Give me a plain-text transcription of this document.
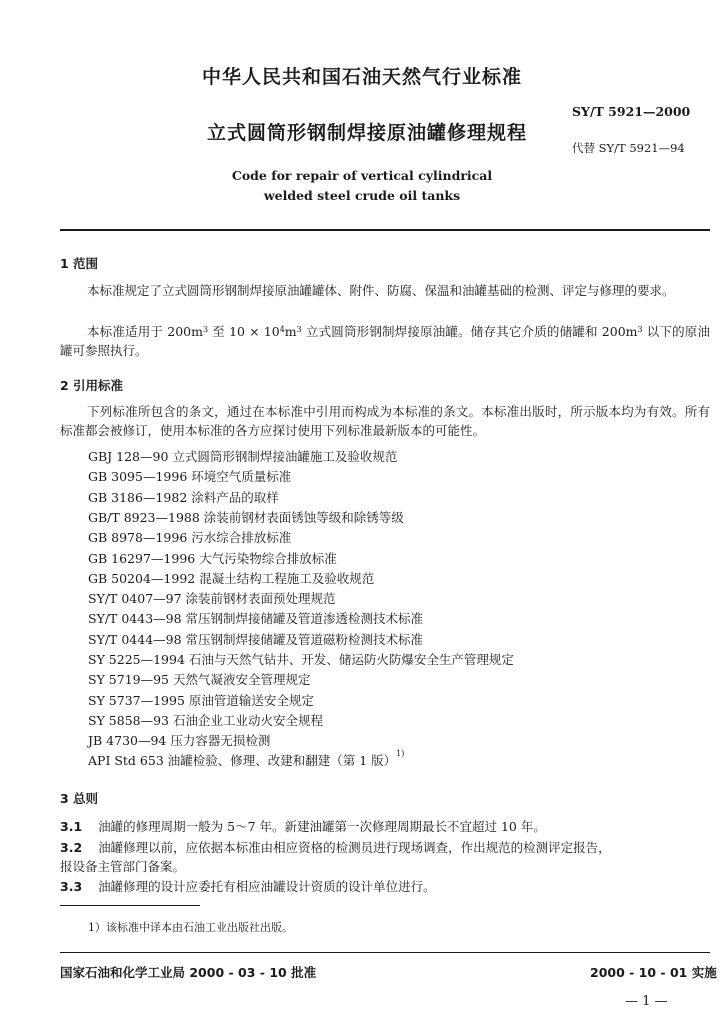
中华人民共和国石油天然气行业标准
SY/T 5921—2000
立式圆筒形钢制焊接原油罐修理规程
代替 SY/T 5921—94
Code for repair of vertical cylindrical
welded steel crude oil tanks
1 范围
本标准规定了立式圆筒形钢制焊接原油罐罐体、附件、防腐、保温和油罐基础的检测、评定与修理的要求。
本标准适用于 $200m^3$ 至 $10 \times 10^4m^3$ 立式圆筒形钢制焊接原油罐。储存其它介质的储罐和 $200m^3$ 以下的原油罐可参照执行。
2 引用标准
下列标准所包含的条文，通过在本标准中引用而构成为本标准的条文。本标准出版时，所示版本均为有效。所有标准都会被修订，使用本标准的各方应探讨使用下列标准最新版本的可能性。
GBJ 128—90 立式圆筒形钢制焊接油罐施工及验收规范
GB 3095—1996 环境空气质量标准
GB 3186—1982 涂料产品的取样
GB/T 8923—1988 涂装前钢材表面锈蚀等级和除锈等级
GB 8978—1996 污水综合排放标准
GB 16297—1996 大气污染物综合排放标准
GB 50204—1992 混凝土结构工程施工及验收规范
SY/T 0407—97 涂装前钢材表面预处理规范
SY/T 0443—98 常压钢制焊接储罐及管道渗透检测技术标准
SY/T 0444—98 常压钢制焊接储罐及管道磁粉检测技术标准
SY 5225—1994 石油与天然气钻井、开发、储运防火防爆安全生产管理规定
SY 5719—95 天然气凝液安全管理规定
SY 5737—1995 原油管道输送安全规定
SY 5858—93 石油企业工业动火安全规程
JB 4730—94 压力容器无损检测
API Std 653 油罐检验、修理、改建和翻建（第 1 版）$^{1)}$
3 总则
3.1 油罐的修理周期一般为 5～7 年。新建油罐第一次修理周期最长不宜超过 10 年。
3.2 油罐修理以前，应依据本标准由相应资格的检测员进行现场调查，作出规范的检测评定报告，
报设备主管部门备案。
3.3 油罐修理的设计应委托有相应油罐设计资质的设计单位进行。
1）该标准中译本由石油工业出版社出版。
国家石油和化学工业局 2000 - 03 - 10 批准	2000 - 10 - 01 实施
— 1 —
